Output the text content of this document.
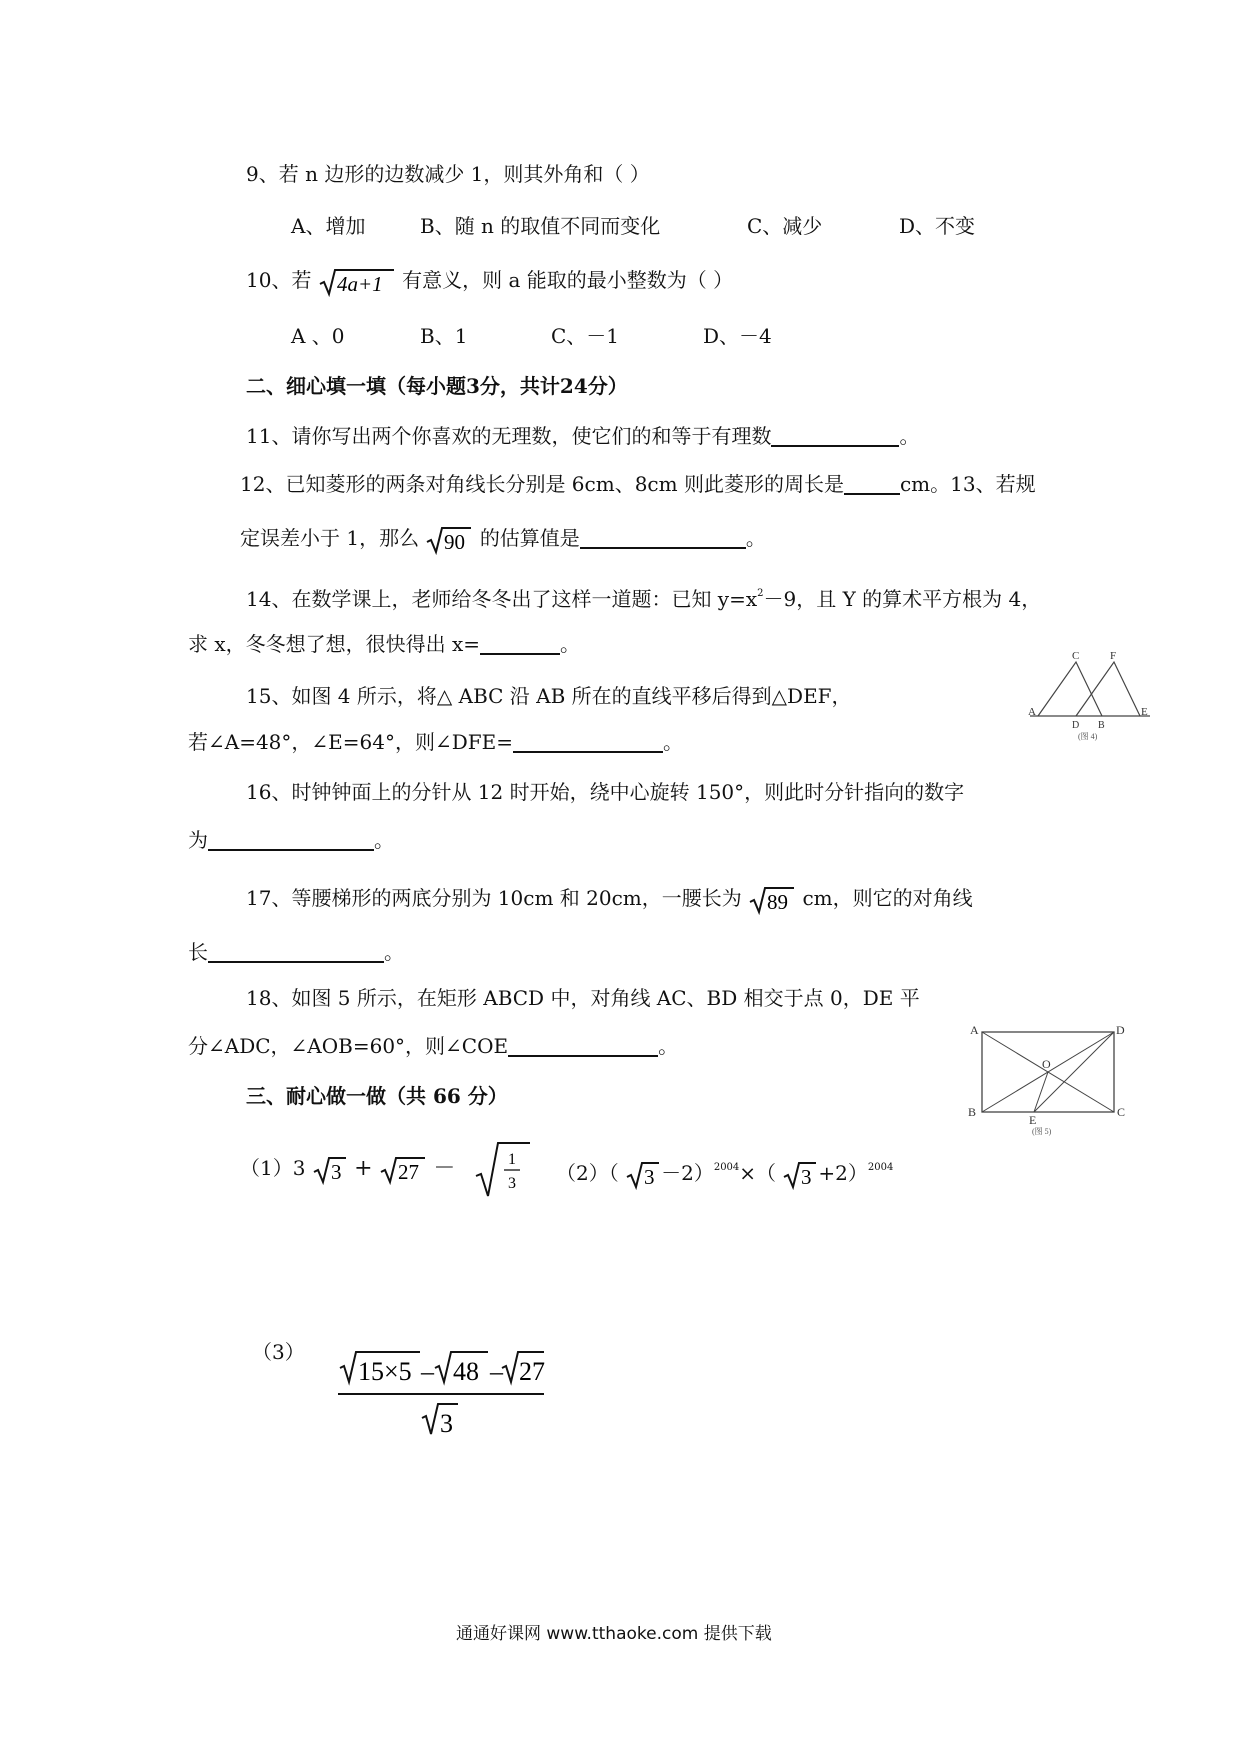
9、若 n 边形的边数减少 1，则其外角和（ ）
A、增加	B、随 n 的取值不同而变化	C、减少	D、不变
10、若 4a+1 有意义，则 a 能取的最小整数为（ ）
A 、0	B、1	C、－1	D、－4
二、细心填一填（每小题3分，共计24分）
11、请你写出两个你喜欢的无理数，使它们的和等于有理数	。
12、已知菱形的两条对角线长分别是 6cm、8cm 则此菱形的周长是	cm。13、若规
定误差小于 1，那么 90 的估算值是	。
14、在数学课上，老师给冬冬出了这样一道题：已知 $y=x^2-9$，且 Y 的算术平方根为 4，
求 x，冬冬想了想，很快得出 x=	。
15、如图 4 所示，将△ ABC 沿 AB 所在的直线平移后得到△DEF，
若∠A=48°，∠E=64°，则∠DFE=	。
C	F
A
D B
E
(图 4)
16、时钟钟面上的分针从 12 时开始，绕中心旋转 150°，则此时分针指向的数字
为	。
17、等腰梯形的两底分别为 10cm 和 20cm，一腰长为 89 cm，则它的对角线
长	。
18、如图 5 所示，在矩形 ABCD 中，对角线 AC、BD 相交于点 0，DE 平
分∠ADC，∠AOB=60°，则∠COE	。
A	D
O
B
E
C
(图 5)
三、耐心做一做（共 66 分）
（1）3 3 + 27 －	1
3 （2）（ 3 －2）$^{2004}$×（ 3 +2）$^{2004}$
（3）
15×5 – 48 – 27
3
通通好课网 www.tthaoke.com 提供下载
